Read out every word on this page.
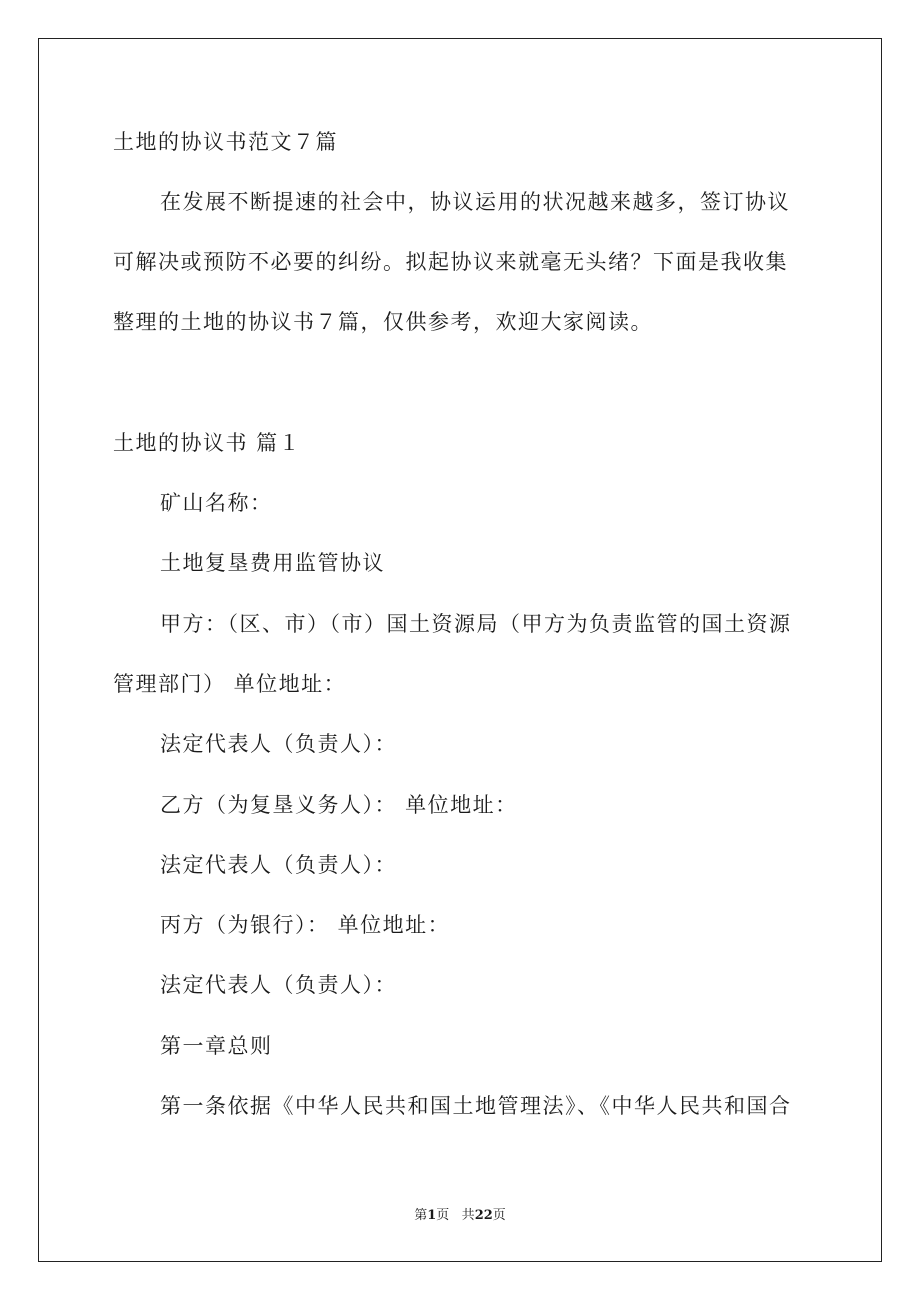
土地的协议书范文７篇
在发展不断提速的社会中，协议运用的状况越来越多，签订协议
可解决或预防不必要的纠纷。拟起协议来就毫无头绪？下面是我收集
整理的土地的协议书７篇，仅供参考，欢迎大家阅读。
土地的协议书 篇１
矿山名称：
土地复垦费用监管协议
甲方：（区、市）（市）国土资源局（甲方为负责监管的国土资源
管理部门） 单位地址：
法定代表人（负责人）：
乙方（为复垦义务人）： 单位地址：
法定代表人（负责人）：
丙方（为银行）： 单位地址：
法定代表人（负责人）：
第一章总则
第一条依据《中华人民共和国土地管理法》、《中华人民共和国合
第1页 共22页
